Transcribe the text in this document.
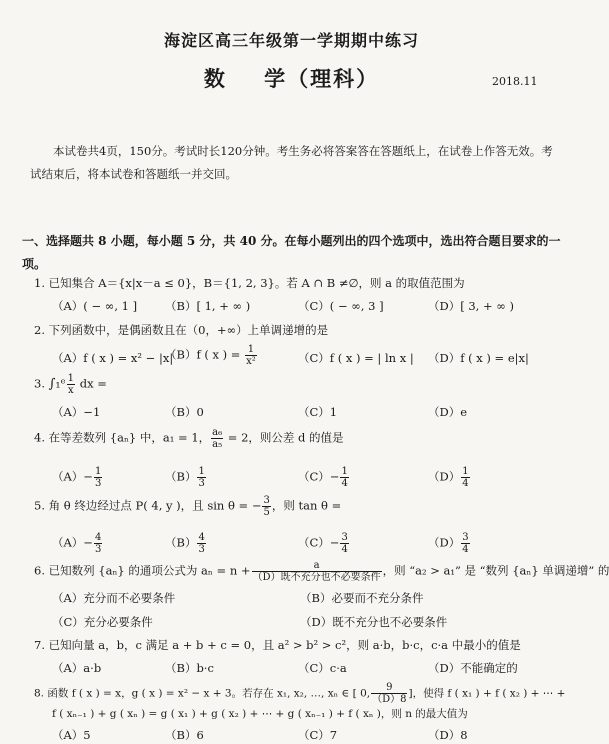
海淀区高三年级第一学期期中练习
数    学（理科）	2018.11
本试卷共4页，150分。考试时长120分钟。考生务必将答案答在答题纸上，在试卷上作答无效。考试结束后，将本试卷和答题纸一并交回。
一、选择题共 8 小题，每小题 5 分，共 40 分。在每小题列出的四个选项中，选出符合题目要求的一项。
1. 已知集合 A＝{x|x－a ≤ 0}，B＝{1, 2, 3}。若 A ∩ B ≠∅，则 a 的取值范围为
（A）( − ∞, 1 ] （B）[ 1, + ∞ )	（C）( − ∞, 3 ]	（D）[ 3, + ∞ )
2. 下列函数中，是偶函数且在（0，+∞）上单调递增的是
（A）f ( x ) = x² − |x|
（B）f ( x ) = $\frac{1}{\text{x²}}$	（C）f ( x ) = | ln x | （D）f ( x ) = e|x|
3. ∫₁ᵉ $\frac{1}{x}$ dx =
（A）−1	（B）0	（C）1	（D）e
4. 在等差数列 {aₙ} 中，a₁ = 1， $\frac{\text{a₆}}{\text{a₅}} = 2$，则公差 d 的值是
$(A)- \frac{1}{3}$	$(B) \frac{1}{3}$	$(C)- \frac{1}{4}$	$(D) \frac{1}{4}$
5. 角 θ 终边经过点 P( 4, y )，且 sin θ = − $\frac{3}{5}$ ，则 tan θ =
$(A)- \frac{4}{3}$	$(B) \frac{4}{3}$	$(C)- \frac{3}{4}$	$(D) \frac{3}{4}$
6. 已知数列 {aₙ} 的通项公式为 $a_n = n + \frac{a}{\text{（D）既不充分也不必要条件}}$ ，则 “a₂ > a₁” 是 “数列 {aₙ} 单调递增” 的
（A）充分而不必要条件	（B）必要而不充分条件
（C）充分必要条件	（D）既不充分也不必要条件
7. 已知向量 a，b，c 满足 a + b + c = 0，且 a² > b² > c²，则 a·b，b·c，c·a 中最小的值是
（A）a·b	（B）b·c	（C）c·a	（D）不能确定的
8. 函数 f ( x ) = x，g ( x ) = x² − x + 3。若存在 x₁, x₂, …, xₙ ∈ [ 0, $\frac{9}{(D)8}$ ]，使得 f ( x₁ ) + f ( x₂ ) + ⋯ +
f ( xₙ₋₁ ) + g ( xₙ ) = g ( x₁ ) + g ( x₂ ) + ⋯ + g ( xₙ₋₁ ) + f ( xₙ )，则 n 的最大值为
（A）5	（B）6	（C）7	（D）8
